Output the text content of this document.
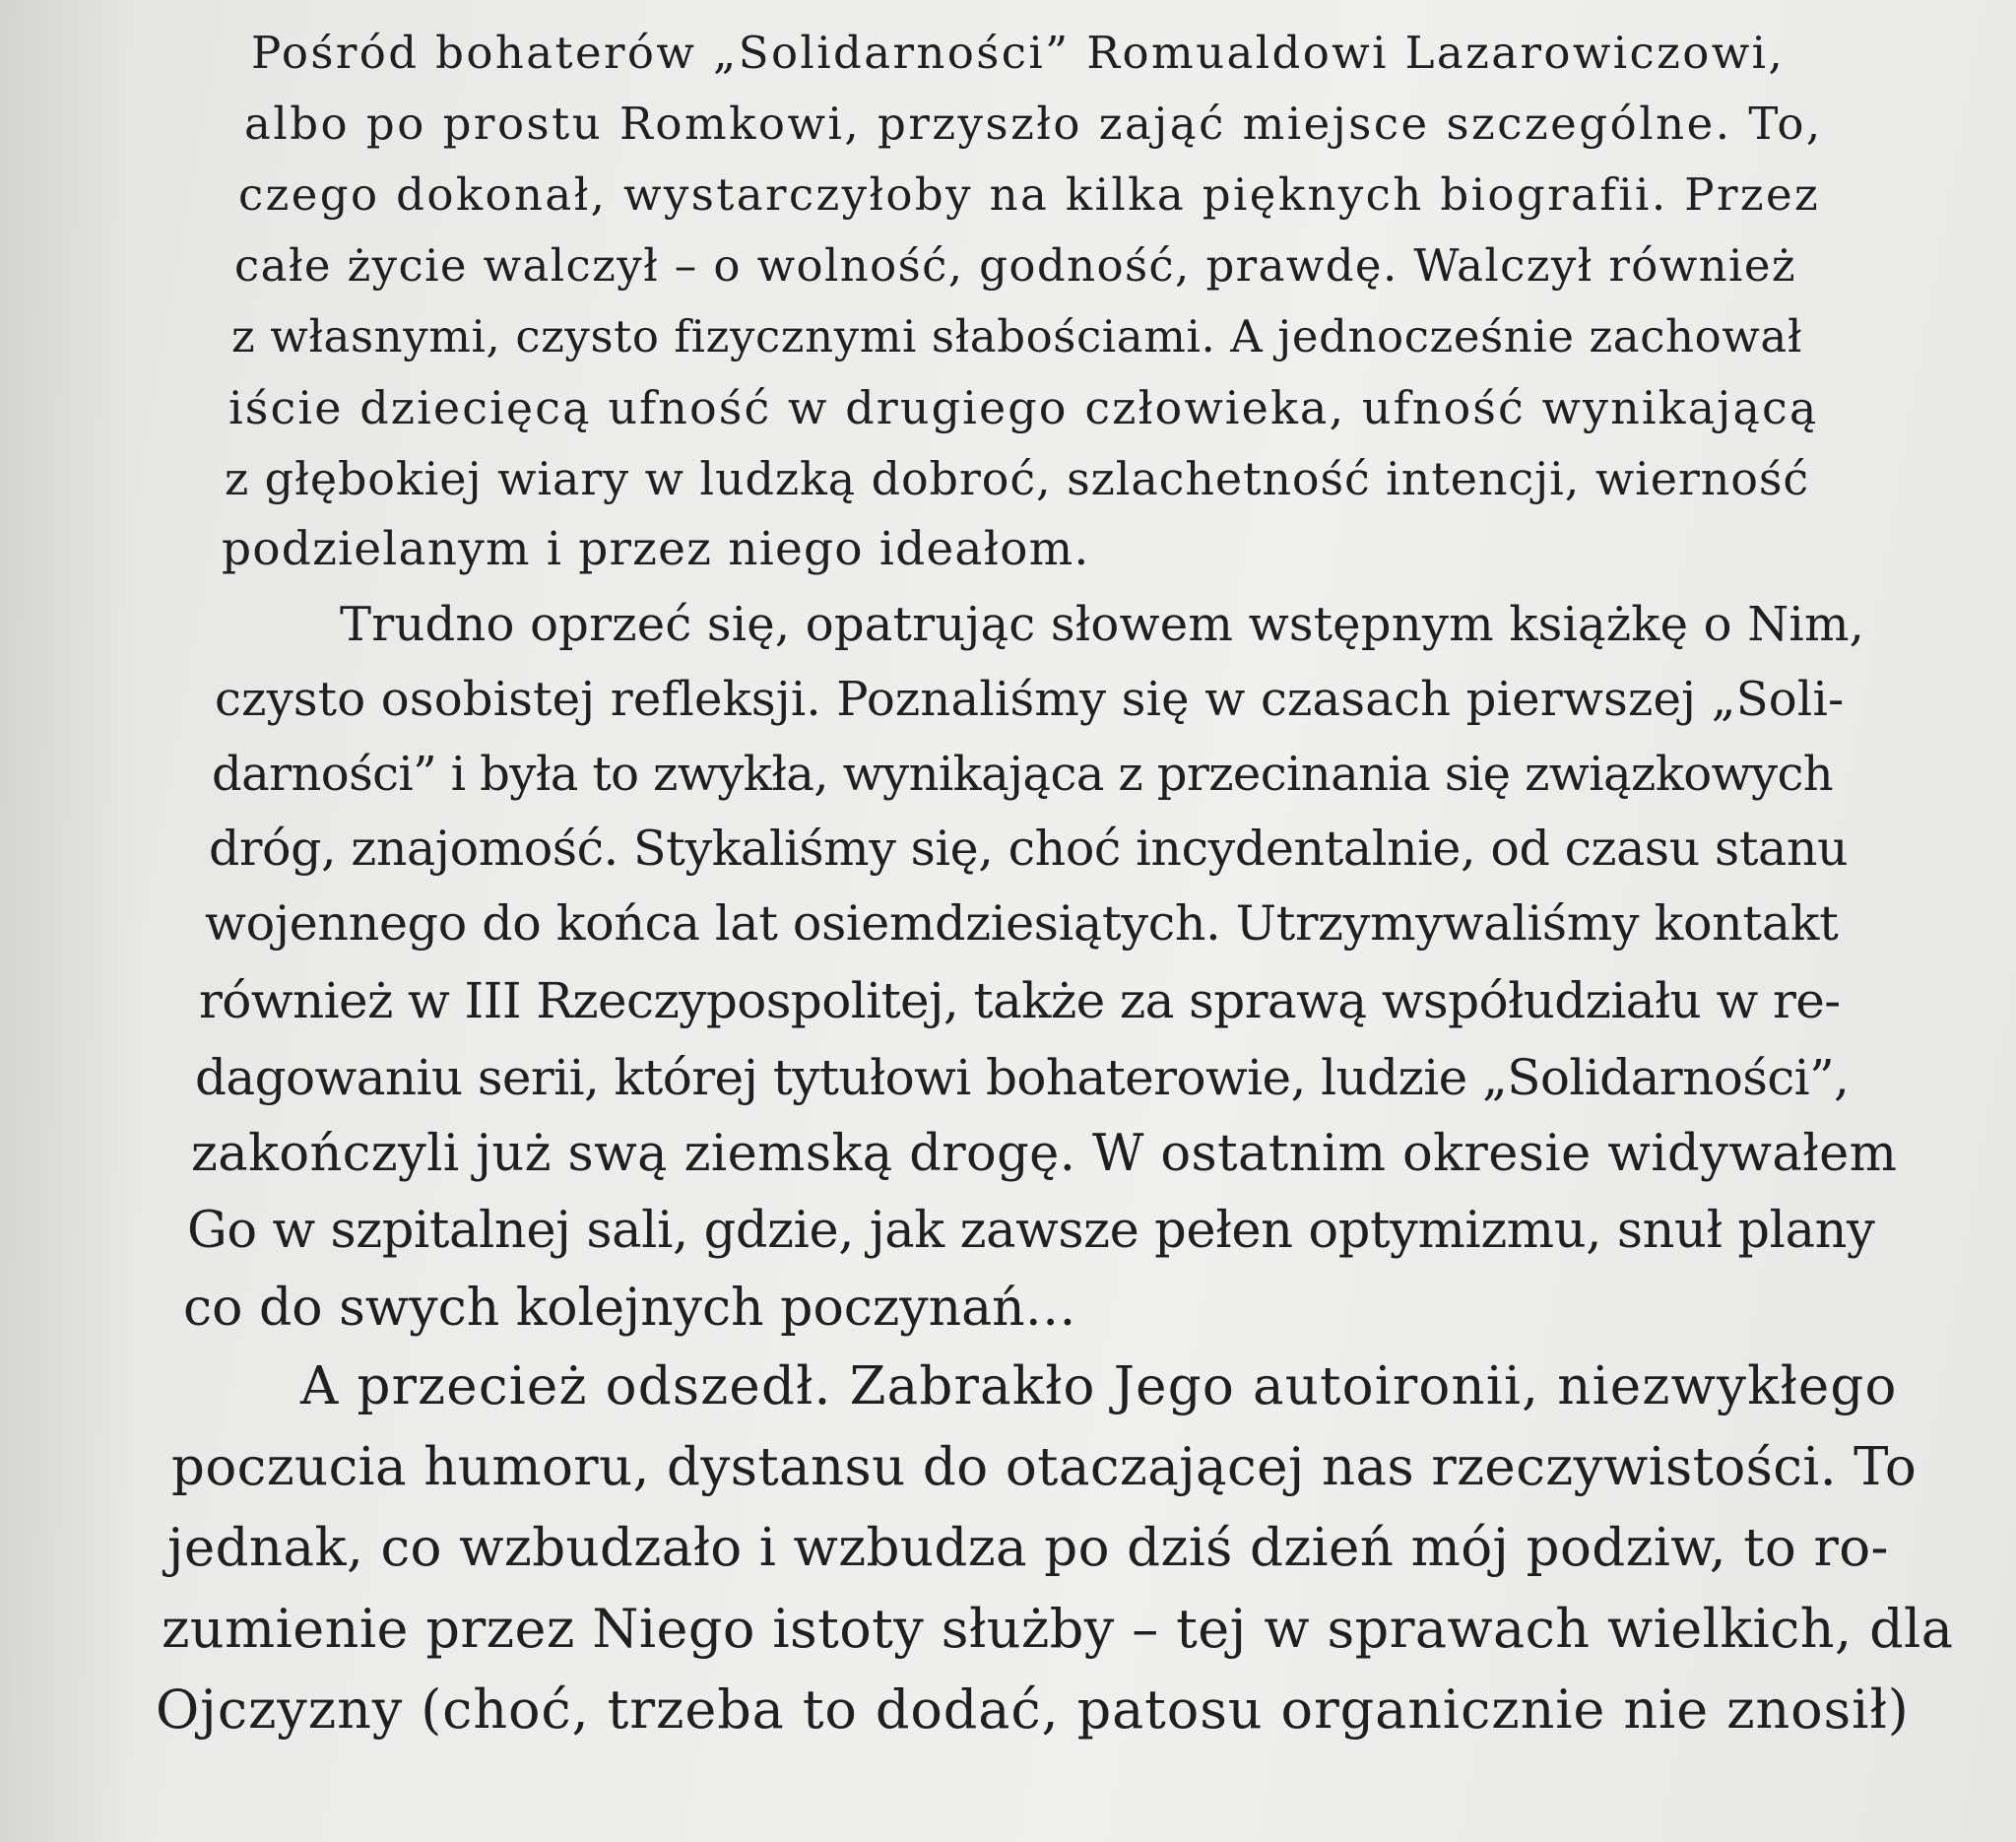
Pośród bohaterów „Solidarności” Romualdowi Lazarowiczowi,
albo po prostu Romkowi, przyszło zająć miejsce szczególne. To,
czego dokonał, wystarczyłoby na kilka pięknych biografii. Przez
całe życie walczył – o wolność, godność, prawdę. Walczył również
z własnymi, czysto fizycznymi słabościami. A jednocześnie zachował
iście dziecięcą ufność w drugiego człowieka, ufność wynikającą
z głębokiej wiary w ludzką dobroć, szlachetność intencji, wierność
podzielanym i przez niego ideałom.
Trudno oprzeć się, opatrując słowem wstępnym książkę o Nim,
czysto osobistej refleksji. Poznaliśmy się w czasach pierwszej „Soli-
darności” i była to zwykła, wynikająca z przecinania się związkowych
dróg, znajomość. Stykaliśmy się, choć incydentalnie, od czasu stanu
wojennego do końca lat osiemdziesiątych. Utrzymywaliśmy kontakt
również w III Rzeczypospolitej, także za sprawą współudziału w re-
dagowaniu serii, której tytułowi bohaterowie, ludzie „Solidarności”,
zakończyli już swą ziemską drogę. W ostatnim okresie widywałem
Go w szpitalnej sali, gdzie, jak zawsze pełen optymizmu, snuł plany
co do swych kolejnych poczynań…
A przecież odszedł. Zabrakło Jego autoironii, niezwykłego
poczucia humoru, dystansu do otaczającej nas rzeczywistości. To
jednak, co wzbudzało i wzbudza po dziś dzień mój podziw, to ro-
zumienie przez Niego istoty służby – tej w sprawach wielkich, dla
Ojczyzny (choć, trzeba to dodać, patosu organicznie nie znosił)
